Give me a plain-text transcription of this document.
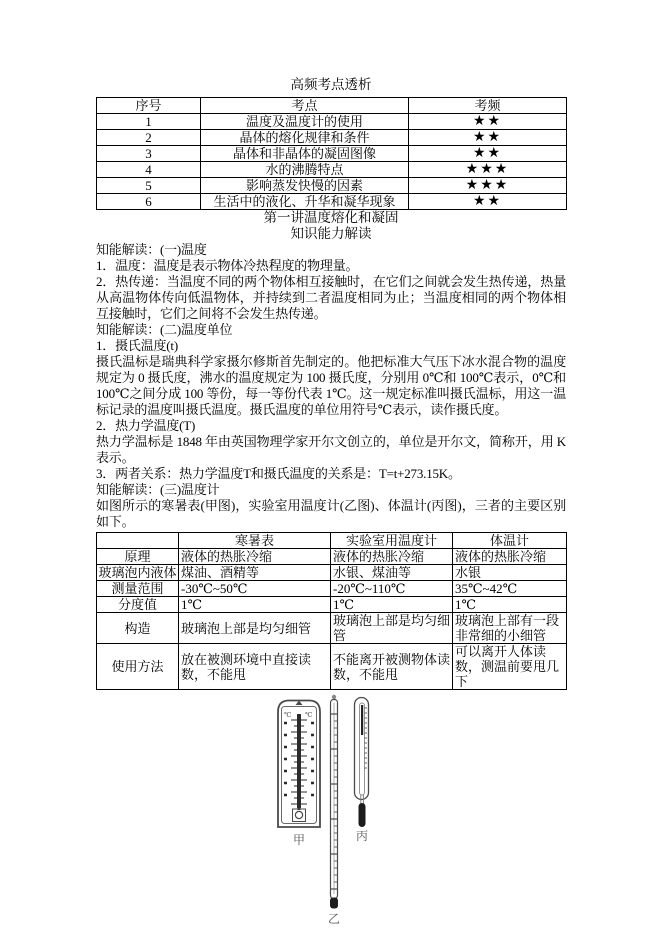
高频考点透析
序号	考点	考频
1	温度及温度计的使用	★★
2	晶体的熔化规律和条件	★★
3	晶体和非晶体的凝固图像	★★
4	水的沸腾特点	★★★
5	影响蒸发快慢的因素	★★★
6	生活中的液化、升华和凝华现象	★★
第一讲温度熔化和凝固
知识能力解读

知能解读：(一)温度

1．温度：温度是表示物体冷热程度的物理量。

2．热传递：当温度不同的两个物体相互接触时，在它们之间就会发生热传递，热量从高温物体传向低温物体，并持续到二者温度相同为止；当温度相同的两个物体相互接触时，它们之间将不会发生热传递。

知能解读：(二)温度单位

1．摄氏温度(t)

摄氏温标是瑞典科学家摄尔修斯首先制定的。他把标准大气压下冰水混合物的温度规定为 0 摄氏度，沸水的温度规定为 100 摄氏度，分别用 0℃和 100℃表示，0℃和 100℃之间分成 100 等份，每一等份代表 1℃。这一规定标准叫摄氏温标，用这一温标记录的温度叫摄氏温度。摄氏温度的单位用符号℃表示，读作摄氏度。

2．热力学温度(T)

热力学温标是 1848 年由英国物理学家开尔文创立的，单位是开尔文，简称开，用 K 表示。

3．两者关系：热力学温度T和摄氏温度的关系是：T=t+273.15K。

知能解读：(三)温度计

如图所示的寒暑表(甲图)，实验室用温度计(乙图)、体温计(丙图)，三者的主要区别如下。

	寒暑表	实验室用温度计	体温计
原理	液体的热胀冷缩	液体的热胀冷缩	液体的热胀冷缩
玻璃泡内液体	煤油、酒精等	水银、煤油等	水银
测量范围	-30℃~50℃	-20℃~110℃	35℃~42℃
分度值	1℃	1℃	1℃
构造	玻璃泡上部是均匀细管	玻璃泡上部是均匀细管	玻璃泡上部有一段非常细的小细管
使用方法	放在被测环境中直接读数，不能甩	不能离开被测物体读数，不能甩	可以离开人体读数，测温前要甩几下
℃ ℃
甲
乙
丙
